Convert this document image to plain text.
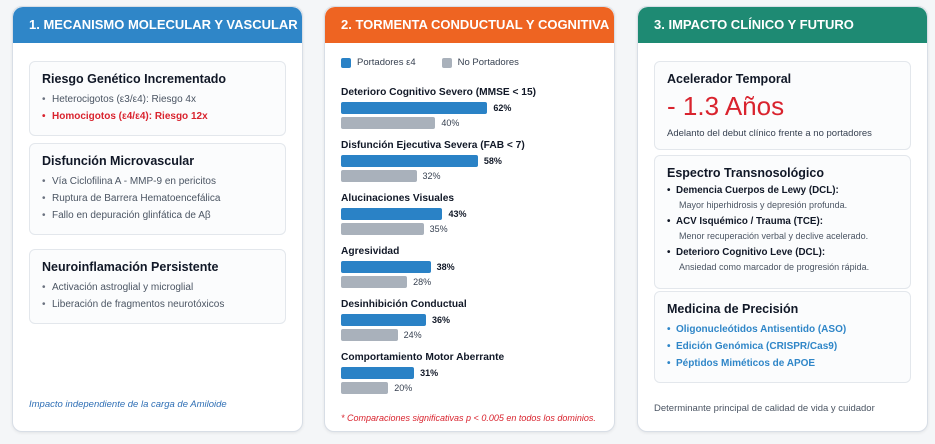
1. MECANISMO MOLECULAR Y VASCULAR
Riesgo Genético Incrementado
• Heterocigotos (ε3/ε4): Riesgo 4x
• Homocigotos (ε4/ε4): Riesgo 12x
Disfunción Microvascular
• Vía Ciclofilina A - MMP-9 en pericitos
• Ruptura de Barrera Hematoencefálica
• Fallo en depuración glinfática de Aβ
Neuroinflamación Persistente
• Activación astroglial y microglial
• Liberación de fragmentos neurotóxicos
Impacto independiente de la carga de Amiloide
2. TORMENTA CONDUCTUAL Y COGNITIVA
Portadores ε4	No Portadores
Deterioro Cognitivo Severo (MMSE < 15)
62%
40%
Disfunción Ejecutiva Severa (FAB < 7)
58%
32%
Alucinaciones Visuales
43%
35%
Agresividad
38%
28%
Desinhibición Conductual
36%
24%
Comportamiento Motor Aberrante
31%
20%
* Comparaciones significativas p < 0.005 en todos los dominios.
3. IMPACTO CLÍNICO Y FUTURO
Acelerador Temporal
- 1.3 Años
Adelanto del debut clínico frente a no portadores
Espectro Transnosológico
• Demencia Cuerpos de Lewy (DCL):
Mayor hiperhidrosis y depresión profunda.
• ACV Isquémico / Trauma (TCE):
Menor recuperación verbal y declive acelerado.
• Deterioro Cognitivo Leve (DCL):
Ansiedad como marcador de progresión rápida.
Medicina de Precisión
• Oligonucleótidos Antisentido (ASO)
• Edición Genómica (CRISPR/Cas9)
• Péptidos Miméticos de APOE
Determinante principal de calidad de vida y cuidador
